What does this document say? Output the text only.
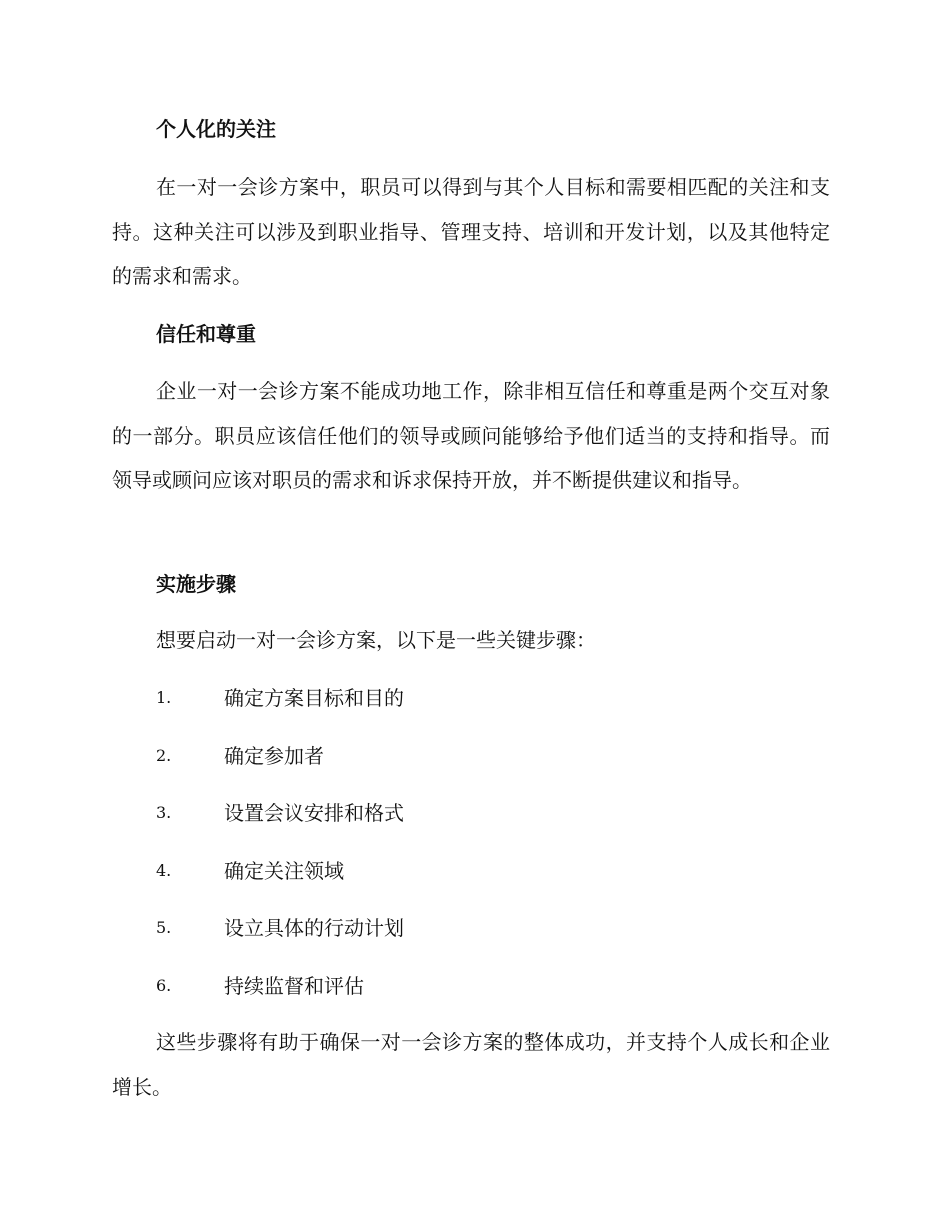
个人化的关注

在一对一会诊方案中，职员可以得到与其个人目标和需要相匹配的关注和支持。这种关注可以涉及到职业指导、管理支持、培训和开发计划，以及其他特定的需求和需求。

信任和尊重

企业一对一会诊方案不能成功地工作，除非相互信任和尊重是两个交互对象的一部分。职员应该信任他们的领导或顾问能够给予他们适当的支持和指导。而领导或顾问应该对职员的需求和诉求保持开放，并不断提供建议和指导。

实施步骤

想要启动一对一会诊方案，以下是一些关键步骤：

1.	确定方案目标和目的
2.	确定参加者
3.	设置会议安排和格式
4.	确定关注领域
5.	设立具体的行动计划
6.	持续监督和评估

这些步骤将有助于确保一对一会诊方案的整体成功，并支持个人成长和企业增长。
